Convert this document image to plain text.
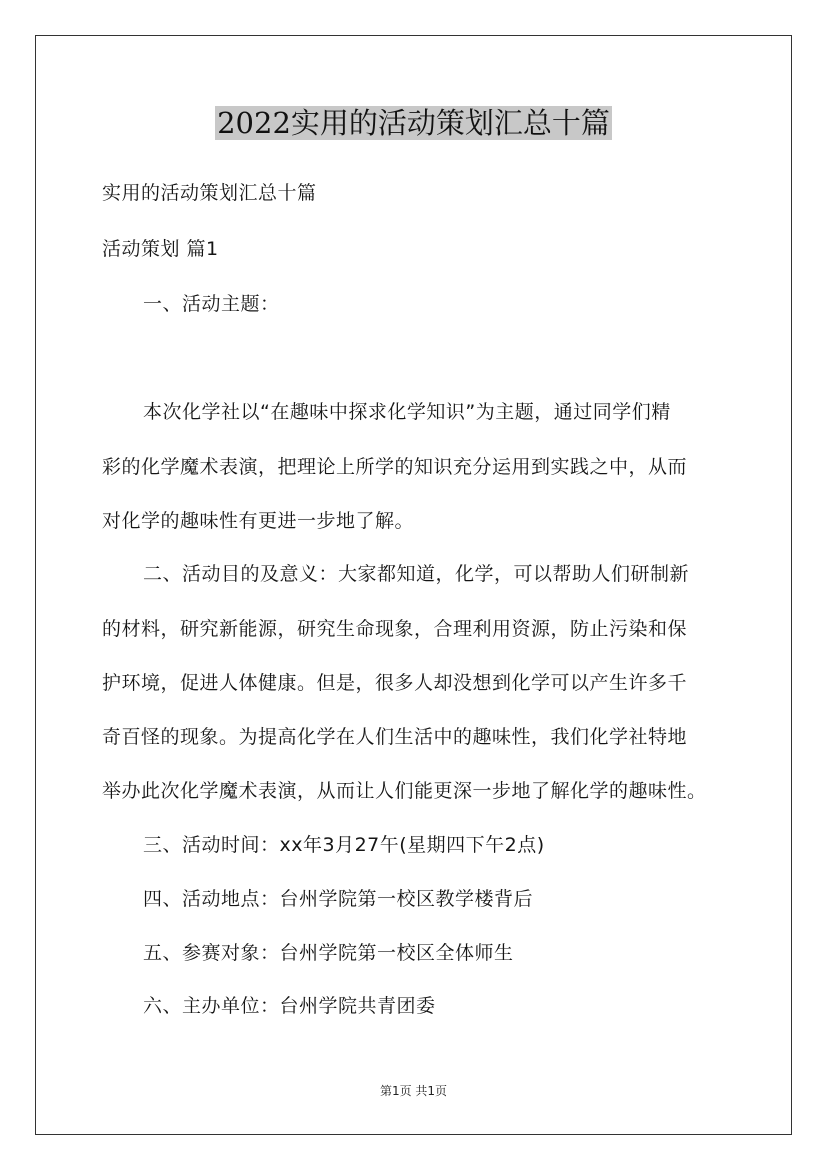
2022实用的活动策划汇总十篇
实用的活动策划汇总十篇
活动策划 篇1
一、活动主题：
本次化学社以“在趣味中探求化学知识”为主题，通过同学们精
彩的化学魔术表演，把理论上所学的知识充分运用到实践之中，从而
对化学的趣味性有更进一步地了解。
二、活动目的及意义：大家都知道，化学，可以帮助人们研制新
的材料，研究新能源，研究生命现象，合理利用资源，防止污染和保
护环境，促进人体健康。但是，很多人却没想到化学可以产生许多千
奇百怪的现象。为提高化学在人们生活中的趣味性，我们化学社特地
举办此次化学魔术表演，从而让人们能更深一步地了解化学的趣味性。
三、活动时间：xx年3月27午(星期四下午2点)
四、活动地点：台州学院第一校区教学楼背后
五、参赛对象：台州学院第一校区全体师生
六、主办单位：台州学院共青团委
第1页 共1页
